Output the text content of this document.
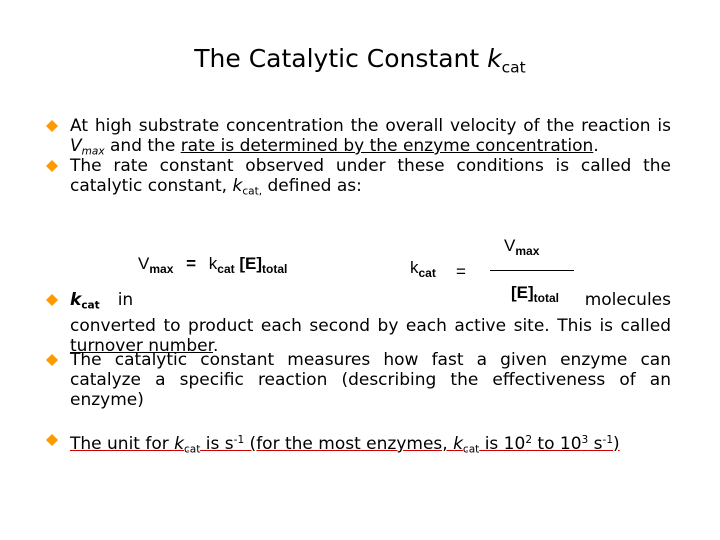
The Catalytic Constant $k_{cat}$
At high substrate concentration the overall velocity of the reaction is $V_{max}$ and the rate is determined by the enzyme concentration.
The rate constant observed under these conditions is called the catalytic constant, $k_{cat,}$ defined as:
$V_{max} = k_{cat}$ $[E]_{total}$	$k_{cat}$ =
$V_{max}$
$[E]_{total}$
$k_{cat}$ in	molecules
converted to product each second by each active site. This is called turnover number.
The catalytic constant measures how fast a given enzyme can catalyze a specific reaction (describing the effectiveness of an enzyme)
The unit for $k_{cat}$ is $s^{-1}$ (for the most enzymes, $k_{cat}$ is $10^2$ to $10^3$ $s^{-1}$)
